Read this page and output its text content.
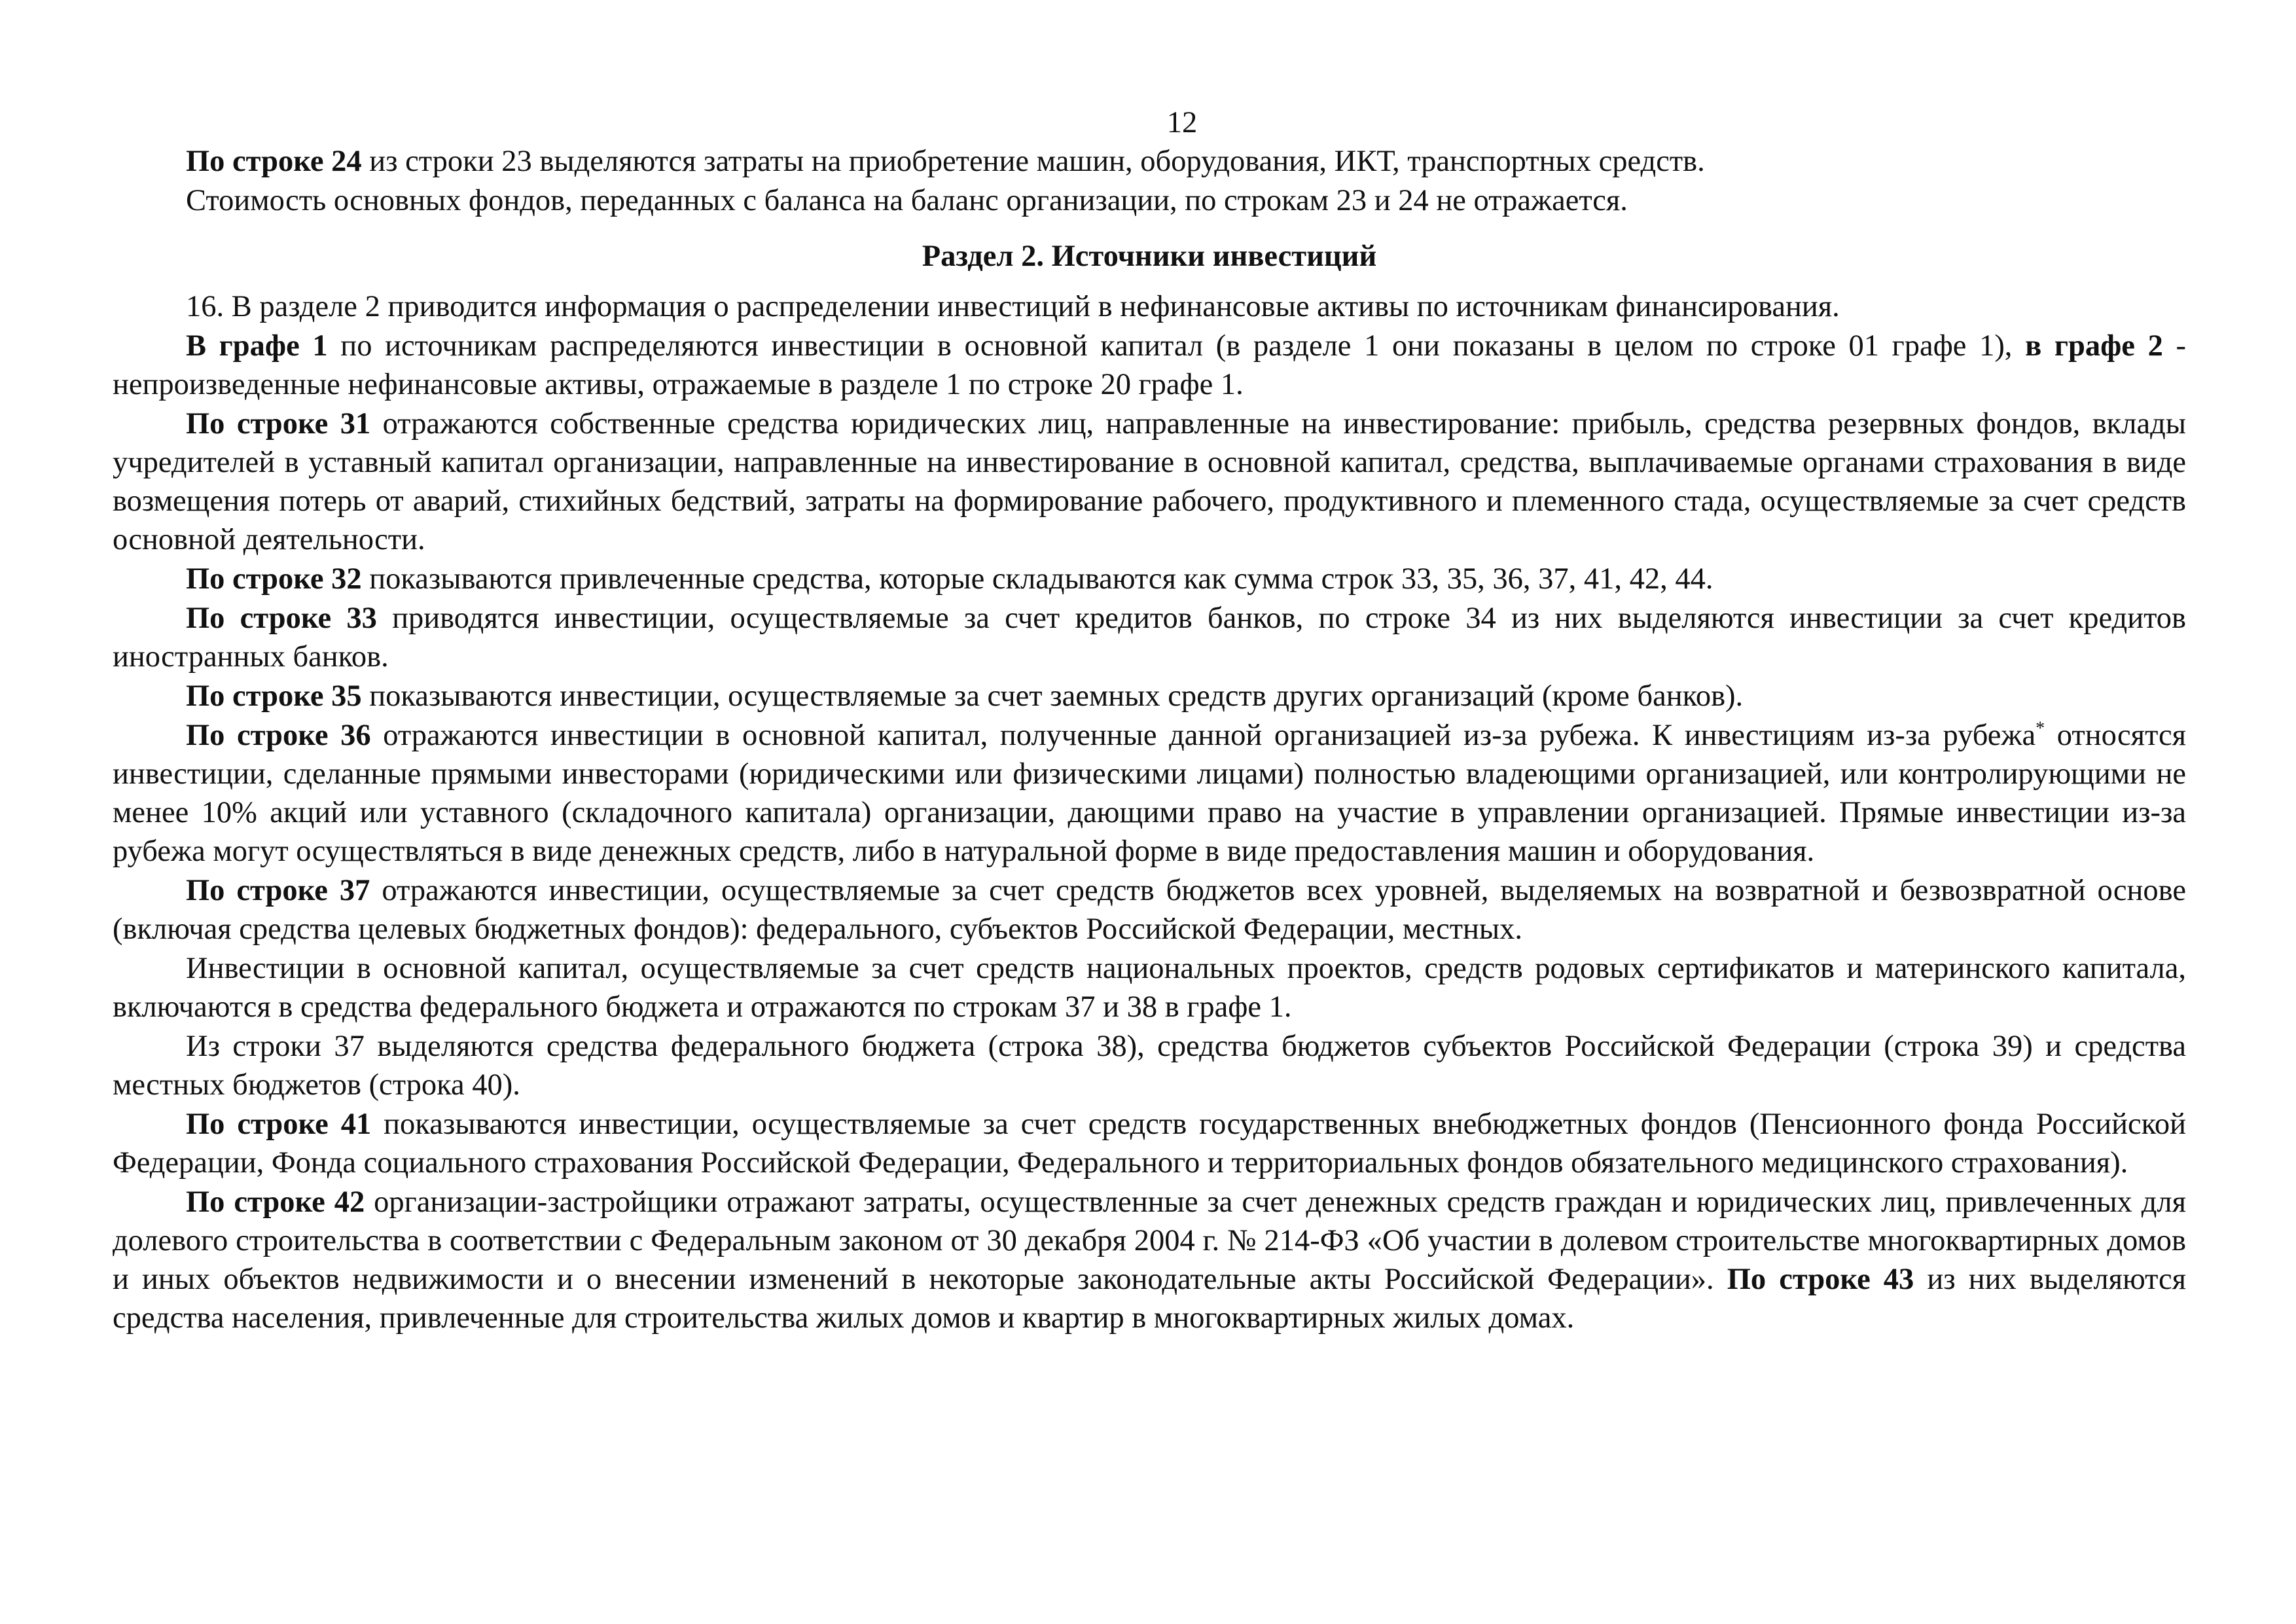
12

По строке 24 из строки 23 выделяются затраты на приобретение машин, оборудования, ИКТ, транспортных средств.

Стоимость основных фондов, переданных с баланса на баланс организации, по строкам 23 и 24 не отражается.

Раздел 2. Источники инвестиций

16. В разделе 2 приводится информация о распределении инвестиций в нефинансовые активы по источникам финансирования.

В графе 1 по источникам распределяются инвестиции в основной капитал (в разделе 1 они показаны в целом по строке 01 графе 1), в графе 2 - непроизведенные нефинансовые активы, отражаемые в разделе 1 по строке 20 графе 1.

По строке 31 отражаются собственные средства юридических лиц, направленные на инвестирование: прибыль, средства резервных фондов, вклады учредителей в уставный капитал организации, направленные на инвестирование в основной капитал, средства, выплачиваемые органами страхования в виде возмещения потерь от аварий, стихийных бедствий, затраты на формирование рабочего, продуктивного и племенного стада, осуществляемые за счет средств основной деятельности.

По строке 32 показываются привлеченные средства, которые складываются как сумма строк 33, 35, 36, 37, 41, 42, 44.

По строке 33 приводятся инвестиции, осуществляемые за счет кредитов банков, по строке 34 из них выделяются инвестиции за счет кредитов иностранных банков.

По строке 35 показываются инвестиции, осуществляемые за счет заемных средств других организаций (кроме банков).

По строке 36 отражаются инвестиции в основной капитал, полученные данной организацией из-за рубежа. К инвестициям из-за рубежа* относятся инвестиции, сделанные прямыми инвесторами (юридическими или физическими лицами) полностью владеющими организацией, или контролирующими не менее 10% акций или уставного (складочного капитала) организации, дающими право на участие в управлении организацией. Прямые инвестиции из-за рубежа могут осуществляться в виде денежных средств, либо в натуральной форме в виде предоставления машин и оборудования.

По строке 37 отражаются инвестиции, осуществляемые за счет средств бюджетов всех уровней, выделяемых на возвратной и безвозвратной основе (включая средства целевых бюджетных фондов): федерального, субъектов Российской Федерации, местных.

Инвестиции в основной капитал, осуществляемые за счет средств национальных проектов, средств родовых сертификатов и материнского капитала, включаются в средства федерального бюджета и отражаются по строкам 37 и 38 в графе 1.

Из строки 37 выделяются средства федерального бюджета (строка 38), средства бюджетов субъектов Российской Федерации (строка 39) и средства местных бюджетов (строка 40).

По строке 41 показываются инвестиции, осуществляемые за счет средств государственных внебюджетных фондов (Пенсионного фонда Российской Федерации, Фонда социального страхования Российской Федерации, Федерального и территориальных фондов обязательного медицинского страхования).

По строке 42 организации-застройщики отражают затраты, осуществленные за счет денежных средств граждан и юридических лиц, привлеченных для долевого строительства в соответствии с Федеральным законом от 30 декабря 2004 г. № 214-ФЗ «Об участии в долевом строительстве многоквартирных домов и иных объектов недвижимости и о внесении изменений в некоторые законодательные акты Российской Федерации». По строке 43 из них выделяются средства населения, привлеченные для строительства жилых домов и квартир в многоквартирных жилых домах.
